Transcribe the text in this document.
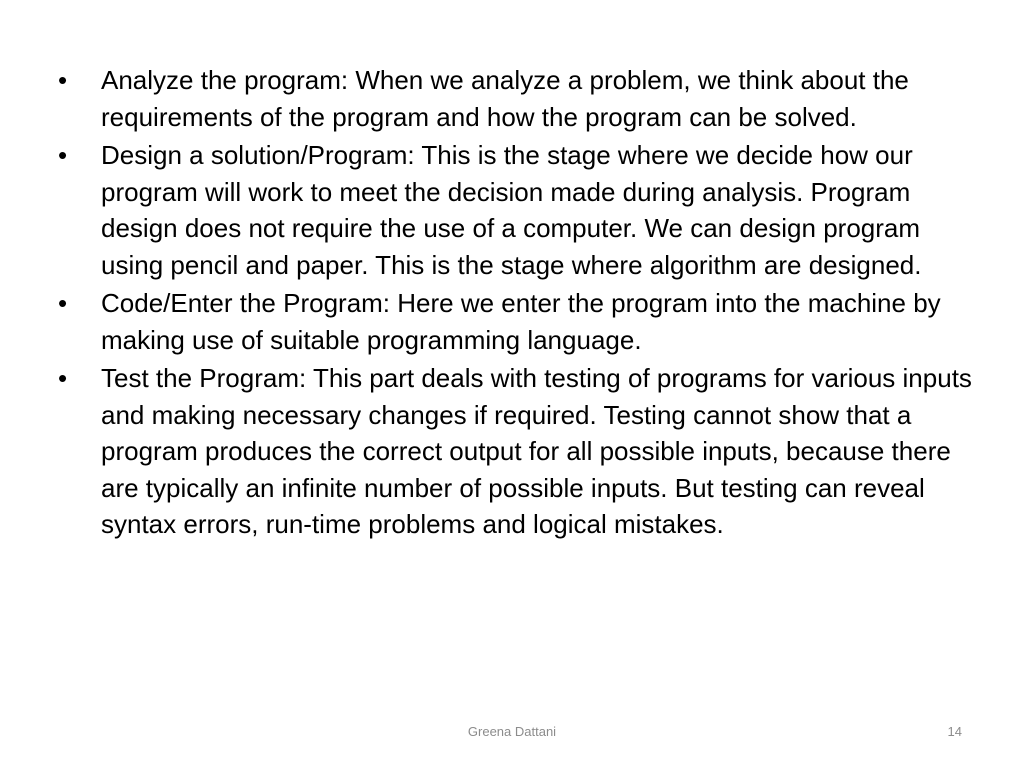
•	Analyze the program: When we analyze a problem, we think about the requirements of the program and how the program can be solved.
•	Design a solution/Program: This is the stage where we decide how our program will work to meet the decision made during analysis. Program design does not require the use of a computer. We can design program using pencil and paper. This is the stage where algorithm are designed.
•	Code/Enter the Program: Here we enter the program into the machine by making use of suitable programming language.
•	Test the Program: This part deals with testing of programs for various inputs and making necessary changes if required. Testing cannot show that a program produces the correct output for all possible inputs, because there are typically an infinite number of possible inputs. But testing can reveal syntax errors, run-time problems and logical mistakes.
Greena Dattani	14
